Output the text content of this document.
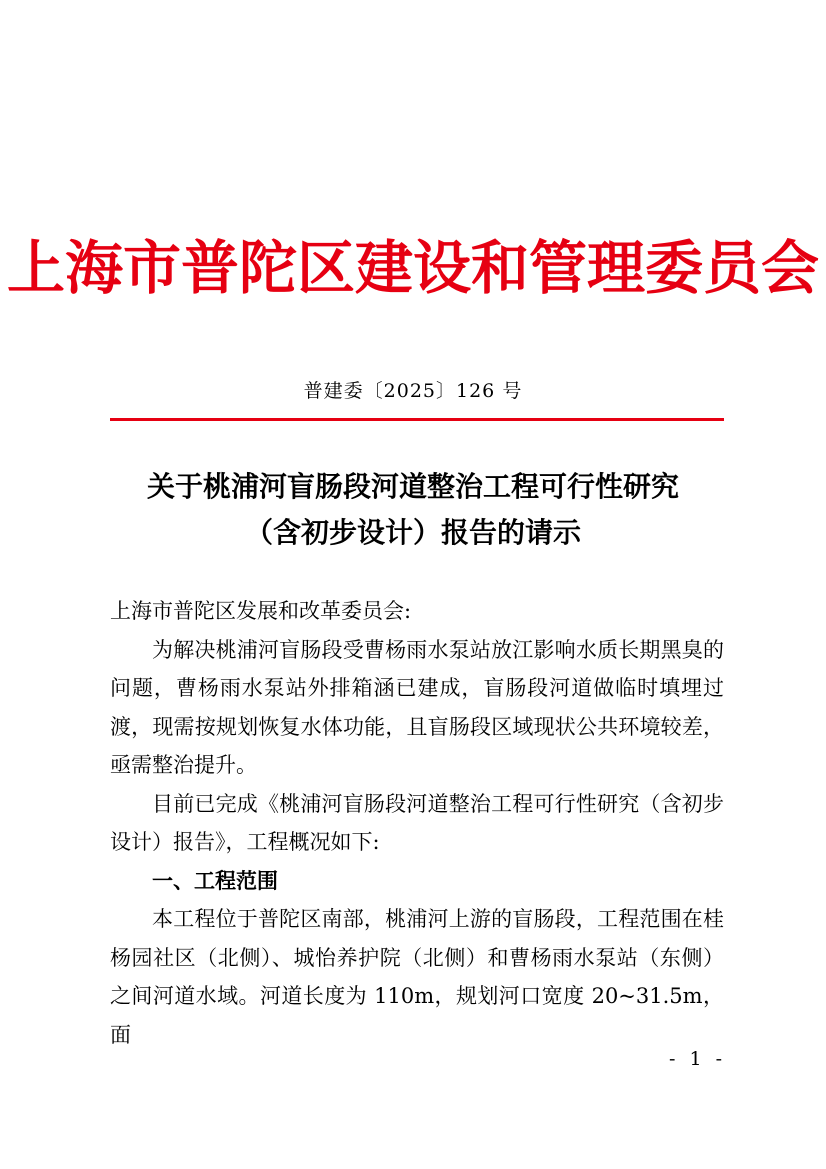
上海市普陀区建设和管理委员会
普建委〔2025〕126 号
关于桃浦河盲肠段河道整治工程可行性研究
（含初步设计）报告的请示

上海市普陀区发展和改革委员会:

为解决桃浦河盲肠段受曹杨雨水泵站放江影响水质长期黑臭的问题，曹杨雨水泵站外排箱涵已建成，盲肠段河道做临时填埋过渡，现需按规划恢复水体功能，且盲肠段区域现状公共环境较差，亟需整治提升。

目前已完成《桃浦河盲肠段河道整治工程可行性研究（含初步设计）报告》，工程概况如下:

一、工程范围

本工程位于普陀区南部，桃浦河上游的盲肠段，工程范围在桂杨园社区（北侧）、城怡养护院（北侧）和曹杨雨水泵站（东侧）之间河道水域。河道长度为 110m，规划河口宽度 20~31.5m，面

- 1 -
